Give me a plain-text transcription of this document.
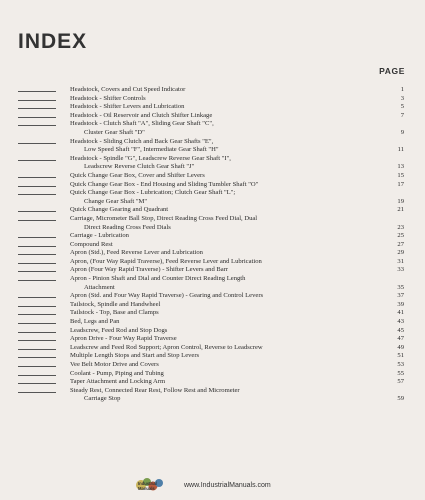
INDEX
PAGE
Headstock, Covers and Cut Speed Indicator	1
Headstock - Shifter Controls	3
Headstock - Shifter Levers and Lubrication	5
Headstock - Oil Reservoir and Clutch Shifter Linkage	7
Headstock - Clutch Shaft "A", Sliding Gear Shaft "C",
Cluster Gear Shaft "D"	9
Headstock - Sliding Clutch and Back Gear Shafts "E",
Low Speed Shaft "F", Intermediate Gear Shaft "H"	11
Headstock - Spindle "G", Leadscrew Reverse Gear Shaft "I",
Leadscrew Reverse Clutch Gear Shaft "J"	13
Quick Change Gear Box, Cover and Shifter Levers	15
Quick Change Gear Box - End Housing and Sliding Tumbler Shaft "O"	17
Quick Change Gear Box - Lubrication; Clutch Gear Shaft "L";
Change Gear Shaft "M"	19
Quick Change Gearing and Quadrant	21
Carriage, Micrometer Ball Stop, Direct Reading Cross Feed Dial, Dual
Direct Reading Cross Feed Dials	23
Carriage - Lubrication	25
Compound Rest	27
Apron (Std.), Feed Reverse Lever and Lubrication	29
Apron, (Four Way Rapid Traverse), Feed Reverse Lever and Lubrication	31
Apron (Four Way Rapid Traverse) - Shifter Levers and Barr	33
Apron - Pinion Shaft and Dial and Counter Direct Reading Length
Attachment	35
Apron (Std. and Four Way Rapid Traverse) - Gearing and Control Levers	37
Tailstock, Spindle and Handwheel	39
Tailstock - Top, Base and Clamps	41
Bed, Legs and Pan	43
Leadscrew, Feed Rod and Stop Dogs	45
Apron Drive - Four Way Rapid Traverse	47
Leadscrew and Feed Rod Support; Apron Control, Reverse to Leadscrew	49
Multiple Length Stops and Start and Stop Levers	51
Vee Belt Motor Drive and Covers	53
Coolant - Pump, Piping and Tubing	55
Taper Attachment and Locking Arm	57
Steady Rest, Connected Rear Rest, Follow Rest and Micrometer
Carriage Stop	59
Industrial
Manuals	www.IndustrialManuals.com
